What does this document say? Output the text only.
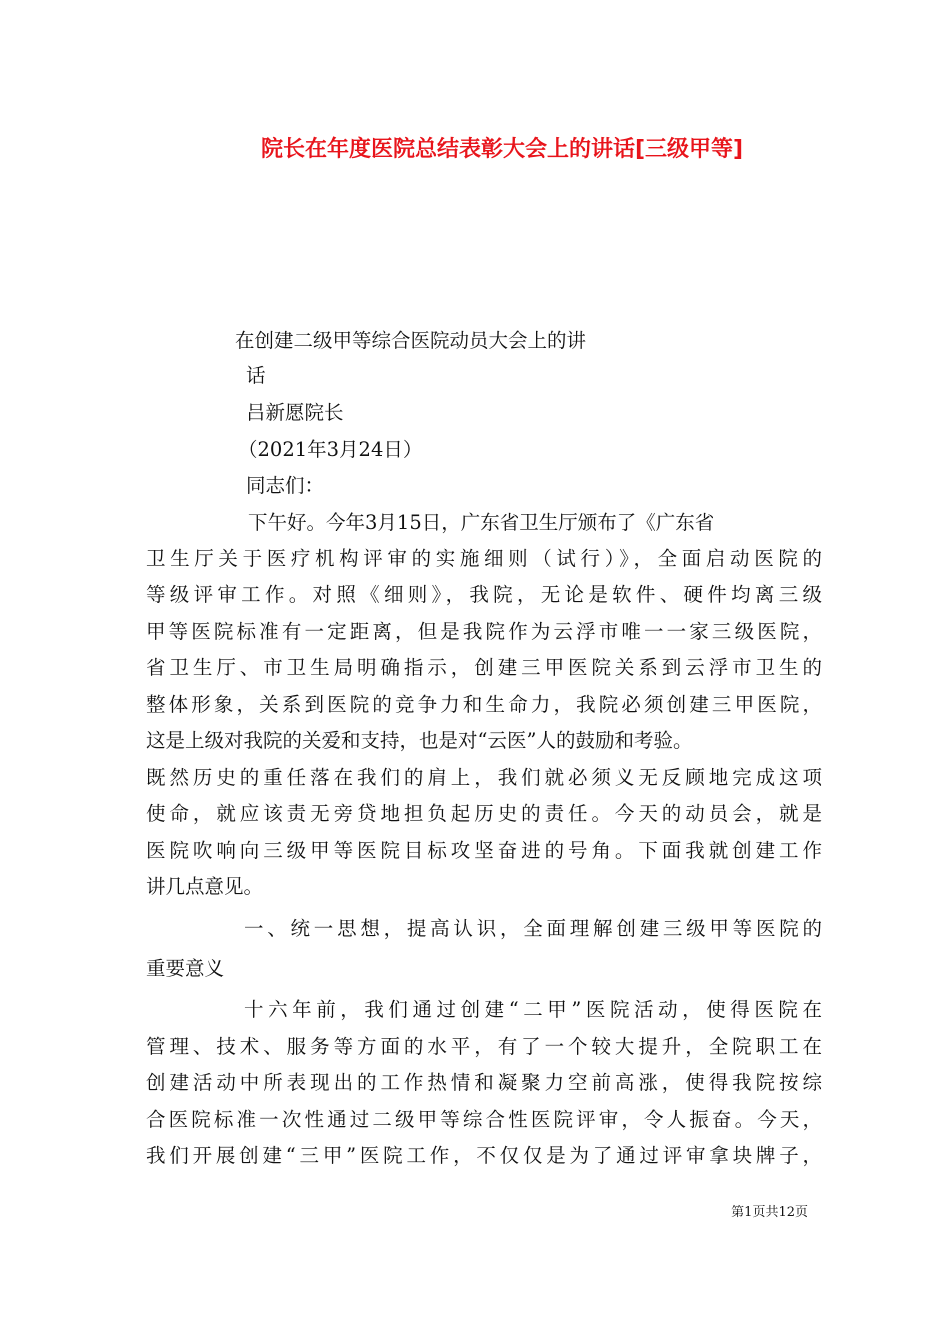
院长在年度医院总结表彰大会上的讲话[三级甲等]
在创建二级甲等综合医院动员大会上的讲
话
吕新愿院长
（2021年3月24日）
同志们：
下午好。今年3月15日，广东省卫生厅颁布了《广东省
卫生厅关于医疗机构评审的实施细则（试行）》，全面启动医院的
等级评审工作。对照《细则》，我院，无论是软件、硬件均离三级
甲等医院标准有一定距离，但是我院作为云浮市唯一一家三级医院，
省卫生厅、市卫生局明确指示，创建三甲医院关系到云浮市卫生的
整体形象，关系到医院的竞争力和生命力，我院必须创建三甲医院，
这是上级对我院的关爱和支持，也是对“云医”人的鼓励和考验。
既然历史的重任落在我们的肩上，我们就必须义无反顾地完成这项
使命，就应该责无旁贷地担负起历史的责任。今天的动员会，就是
医院吹响向三级甲等医院目标攻坚奋进的号角。下面我就创建工作
讲几点意见。
一、统一思想，提高认识，全面理解创建三级甲等医院的
重要意义
十六年前，我们通过创建“二甲”医院活动，使得医院在
管理、技术、服务等方面的水平，有了一个较大提升，全院职工在
创建活动中所表现出的工作热情和凝聚力空前高涨，使得我院按综
合医院标准一次性通过二级甲等综合性医院评审，令人振奋。今天，
我们开展创建“三甲”医院工作，不仅仅是为了通过评审拿块牌子，
第1页共12页
